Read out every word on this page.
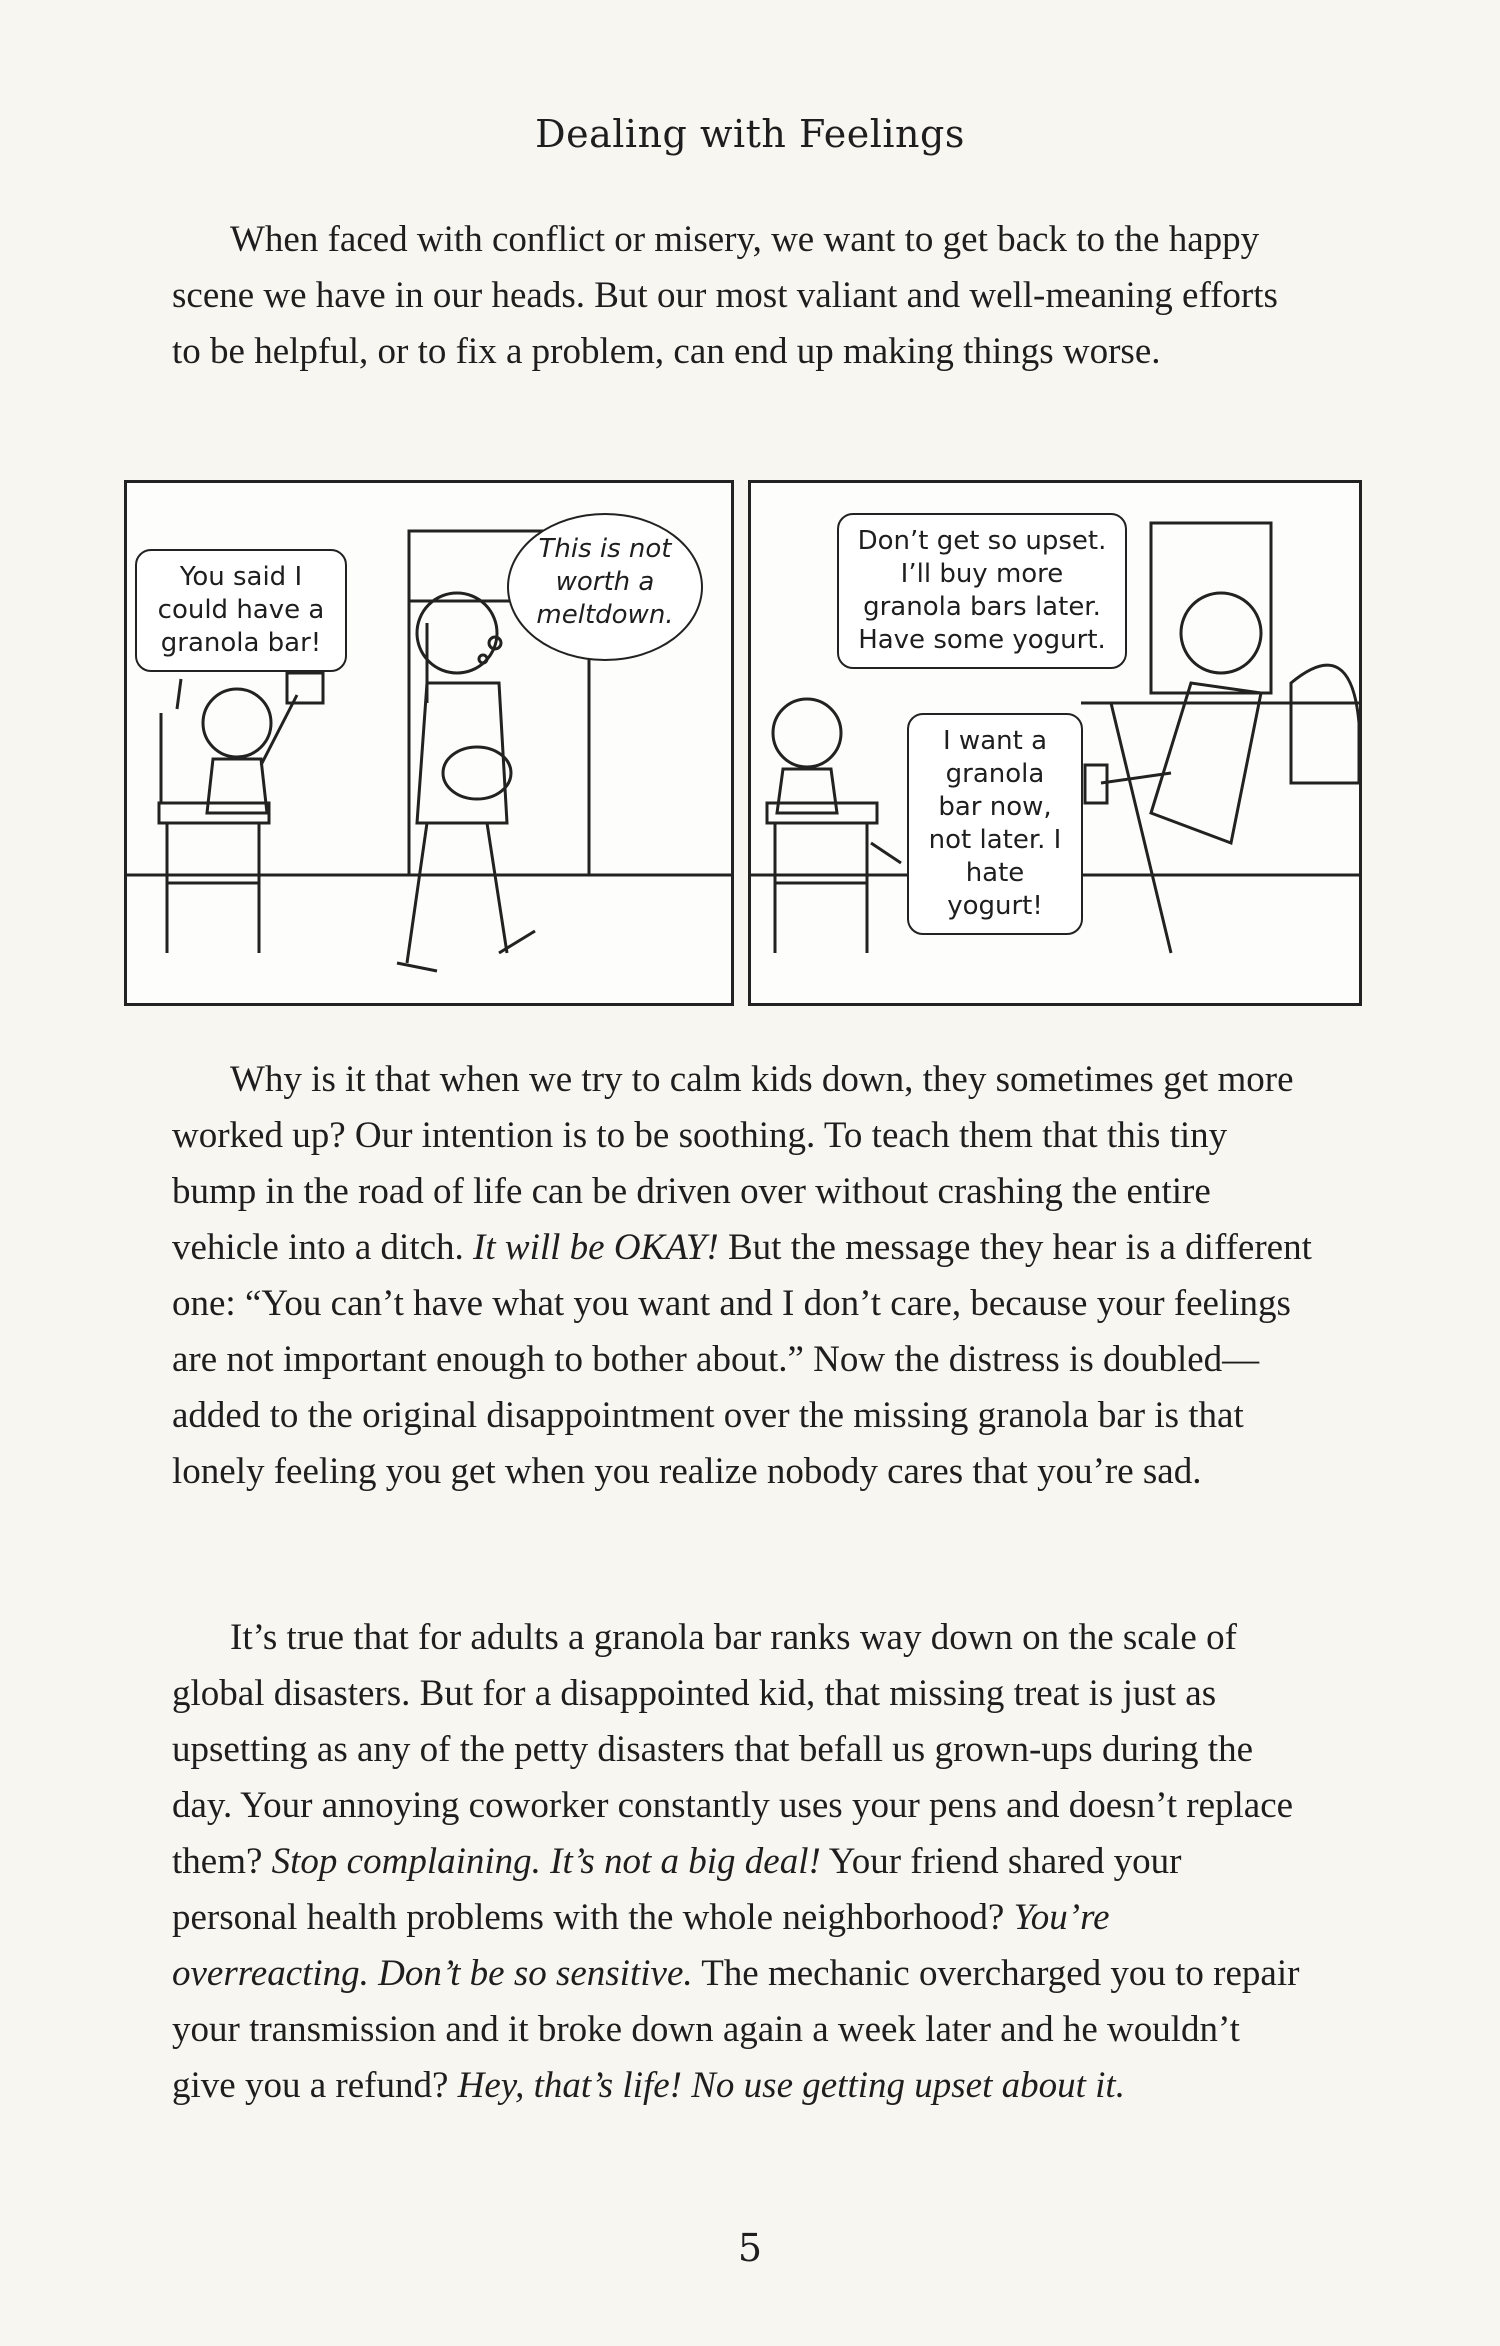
Dealing with Feelings

When faced with conflict or misery, we want to get back to the happy scene we have in our heads. But our most valiant and well-meaning efforts to be helpful, or to fix a problem, can end up making things worse.

You said I could have a granola bar!
This is not worth a meltdown.
Don’t get so upset. I’ll buy more granola bars later. Have some yogurt.
I want a granola bar now, not later. I hate yogurt!

Why is it that when we try to calm kids down, they sometimes get more worked up? Our intention is to be soothing. To teach them that this tiny bump in the road of life can be driven over without crashing the entire vehicle into a ditch. It will be OKAY! But the message they hear is a different one: “You can’t have what you want and I don’t care, because your feelings are not important enough to bother about.” Now the distress is doubled—added to the original disappointment over the missing granola bar is that lonely feeling you get when you realize nobody cares that you’re sad.

It’s true that for adults a granola bar ranks way down on the scale of global disasters. But for a disappointed kid, that missing treat is just as upsetting as any of the petty disasters that befall us grown-ups during the day. Your annoying coworker constantly uses your pens and doesn’t replace them? Stop complaining. It’s not a big deal! Your friend shared your personal health problems with the whole neighborhood? You’re overreacting. Don’t be so sensitive. The mechanic overcharged you to repair your transmission and it broke down again a week later and he wouldn’t give you a refund? Hey, that’s life! No use getting upset about it.

5
